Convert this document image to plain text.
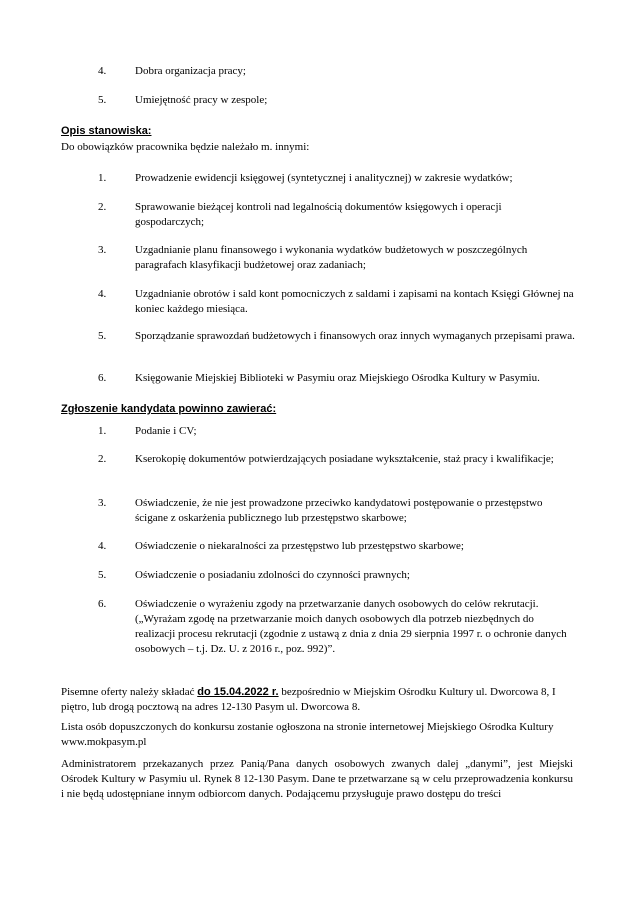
4.	Dobra organizacja pracy;
5.	Umiejętność pracy w zespole;
Opis stanowiska:
Do obowiązków pracownika będzie należało m. innymi:
1.	Prowadzenie ewidencji księgowej (syntetycznej i analitycznej) w zakresie wydatków;
2.	Sprawowanie bieżącej kontroli nad legalnością dokumentów księgowych i operacji gospodarczych;
3.	Uzgadnianie planu finansowego i wykonania wydatków budżetowych w poszczególnych paragrafach klasyfikacji budżetowej oraz zadaniach;
4.	Uzgadnianie obrotów i sald kont pomocniczych z saldami i zapisami na kontach Księgi Głównej na koniec każdego miesiąca.
5.	Sporządzanie sprawozdań budżetowych i finansowych oraz innych wymaganych przepisami prawa.
6.	Księgowanie Miejskiej Biblioteki w Pasymiu oraz Miejskiego Ośrodka Kultury w Pasymiu.
Zgłoszenie kandydata powinno zawierać:
1.	Podanie i CV;
2.	Kserokopię dokumentów potwierdzających posiadane wykształcenie, staż pracy i kwalifikacje;
3.	Oświadczenie, że nie jest prowadzone przeciwko kandydatowi postępowanie o przestępstwo ścigane z oskarżenia publicznego lub przestępstwo skarbowe;
4.	Oświadczenie o niekaralności za przestępstwo lub przestępstwo skarbowe;
5.	Oświadczenie o posiadaniu zdolności do czynności prawnych;
6.	Oświadczenie o wyrażeniu zgody na przetwarzanie danych osobowych do celów rekrutacji.(„Wyrażam zgodę na przetwarzanie moich danych osobowych dla potrzeb niezbędnych do realizacji procesu rekrutacji (zgodnie z ustawą z dnia z dnia 29 sierpnia 1997 r. o ochronie danych osobowych – t.j. Dz. U. z 2016 r., poz. 992)”.
Pisemne oferty należy składać do 15.04.2022 r. bezpośrednio w Miejskim Ośrodku Kultury ul. Dworcowa 8, I piętro, lub drogą pocztową na adres 12-130 Pasym ul. Dworcowa 8.
Lista osób dopuszczonych do konkursu zostanie ogłoszona na stronie internetowej Miejskiego Ośrodka Kultury www.mokpasym.pl
Administratorem przekazanych przez Panią/Pana danych osobowych zwanych dalej „danymi”, jest Miejski Ośrodek Kultury w Pasymiu ul. Rynek 8 12-130 Pasym. Dane te przetwarzane są w celu przeprowadzenia konkursu i nie będą udostępniane innym odbiorcom danych. Podającemu przysługuje prawo dostępu do treści
